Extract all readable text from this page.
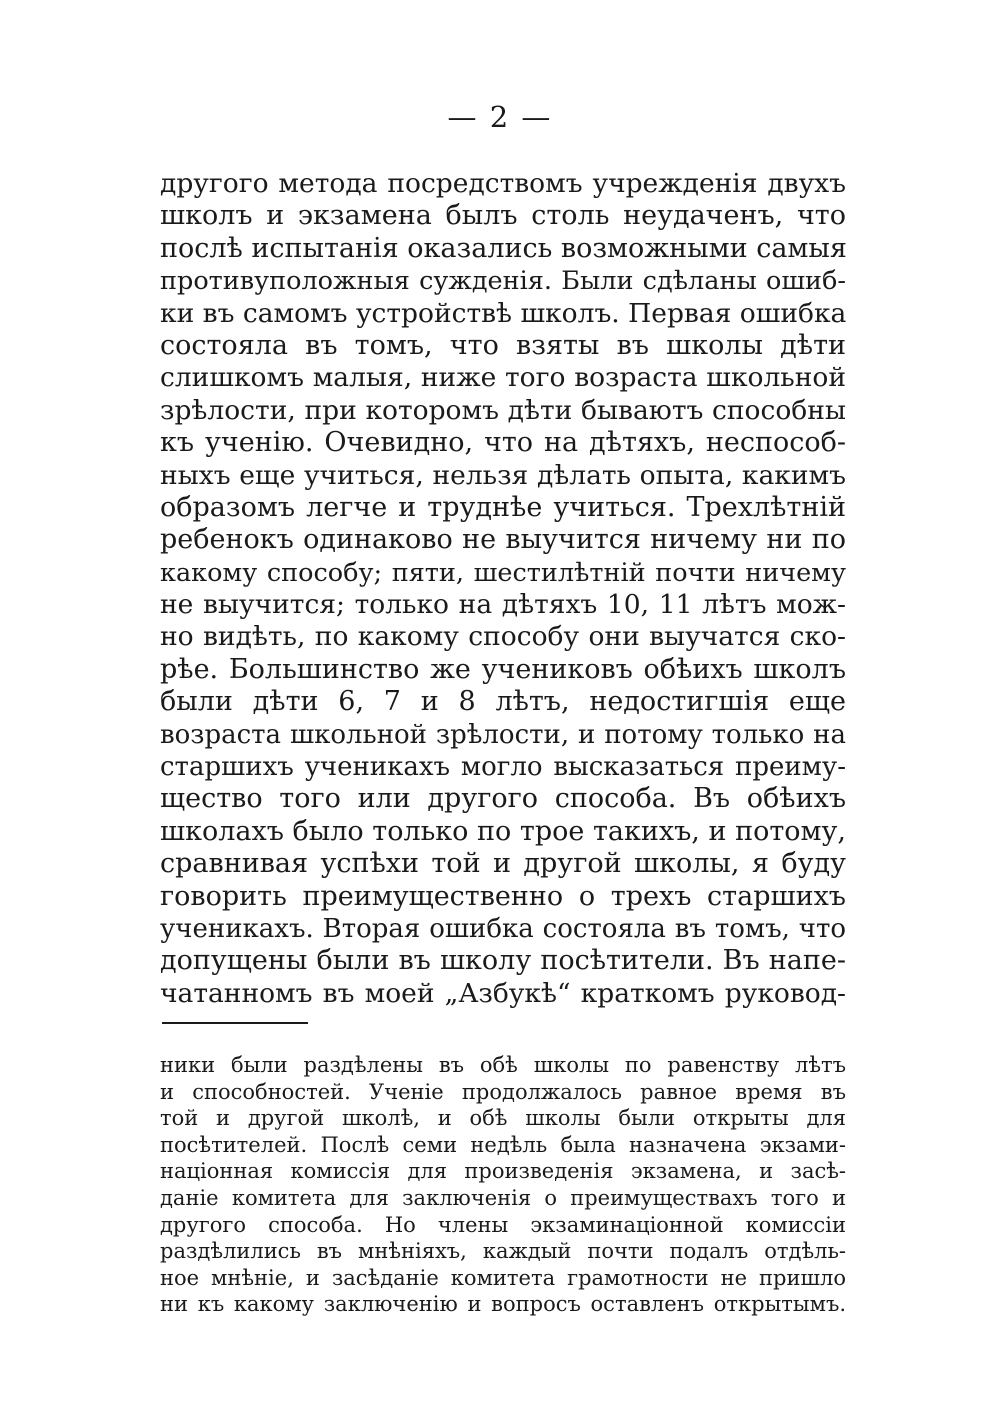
— 2 —
другого метода посредствомъ учрежденія двухъ
школъ и экзамена былъ столь неудаченъ, что
послѣ испытанія оказались возможными самыя
противуположныя сужденія. Были сдѣланы ошиб-
ки въ самомъ устройствѣ школъ. Первая ошибка
состояла въ томъ, что взяты въ школы дѣти
слишкомъ малыя, ниже того возраста школьной
зрѣлости, при которомъ дѣти бываютъ способны
къ ученію. Очевидно, что на дѣтяхъ, неспособ-
ныхъ еще учиться, нельзя дѣлать опыта, какимъ
образомъ легче и труднѣе учиться. Трехлѣтній
ребенокъ одинаково не выучится ничему ни по
какому способу; пяти, шестилѣтній почти ничему
не выучится; только на дѣтяхъ 10, 11 лѣтъ мож-
но видѣть, по какому способу они выучатся ско-
рѣе. Большинство же учениковъ обѣихъ школъ
были дѣти 6, 7 и 8 лѣтъ, недостигшія еще
возраста школьной зрѣлости, и потому только на
старшихъ ученикахъ могло высказаться преиму-
щество того или другого способа. Въ обѣихъ
школахъ было только по трое такихъ, и потому,
сравнивая успѣхи той и другой школы, я буду
говорить преимущественно о трехъ старшихъ
ученикахъ. Вторая ошибка состояла въ томъ, что
допущены были въ школу посѣтители. Въ напе-
чатанномъ въ моей „Азбукѣ“ краткомъ руковод-
ники были раздѣлены въ обѣ школы по равенству лѣтъ
и способностей. Ученіе продолжалось равное время въ
той и другой школѣ, и обѣ школы были открыты для
посѣтителей. Послѣ семи недѣль была назначена экзами-
націонная комиссія для произведенія экзамена, и засѣ-
даніе комитета для заключенія о преимуществахъ того и
другого способа. Но члены экзаминаціонной комиссіи
раздѣлились въ мнѣніяхъ, каждый почти подалъ отдѣль-
ное мнѣніе, и засѣданіе комитета грамотности не пришло
ни къ какому заключенію и вопросъ оставленъ открытымъ.
